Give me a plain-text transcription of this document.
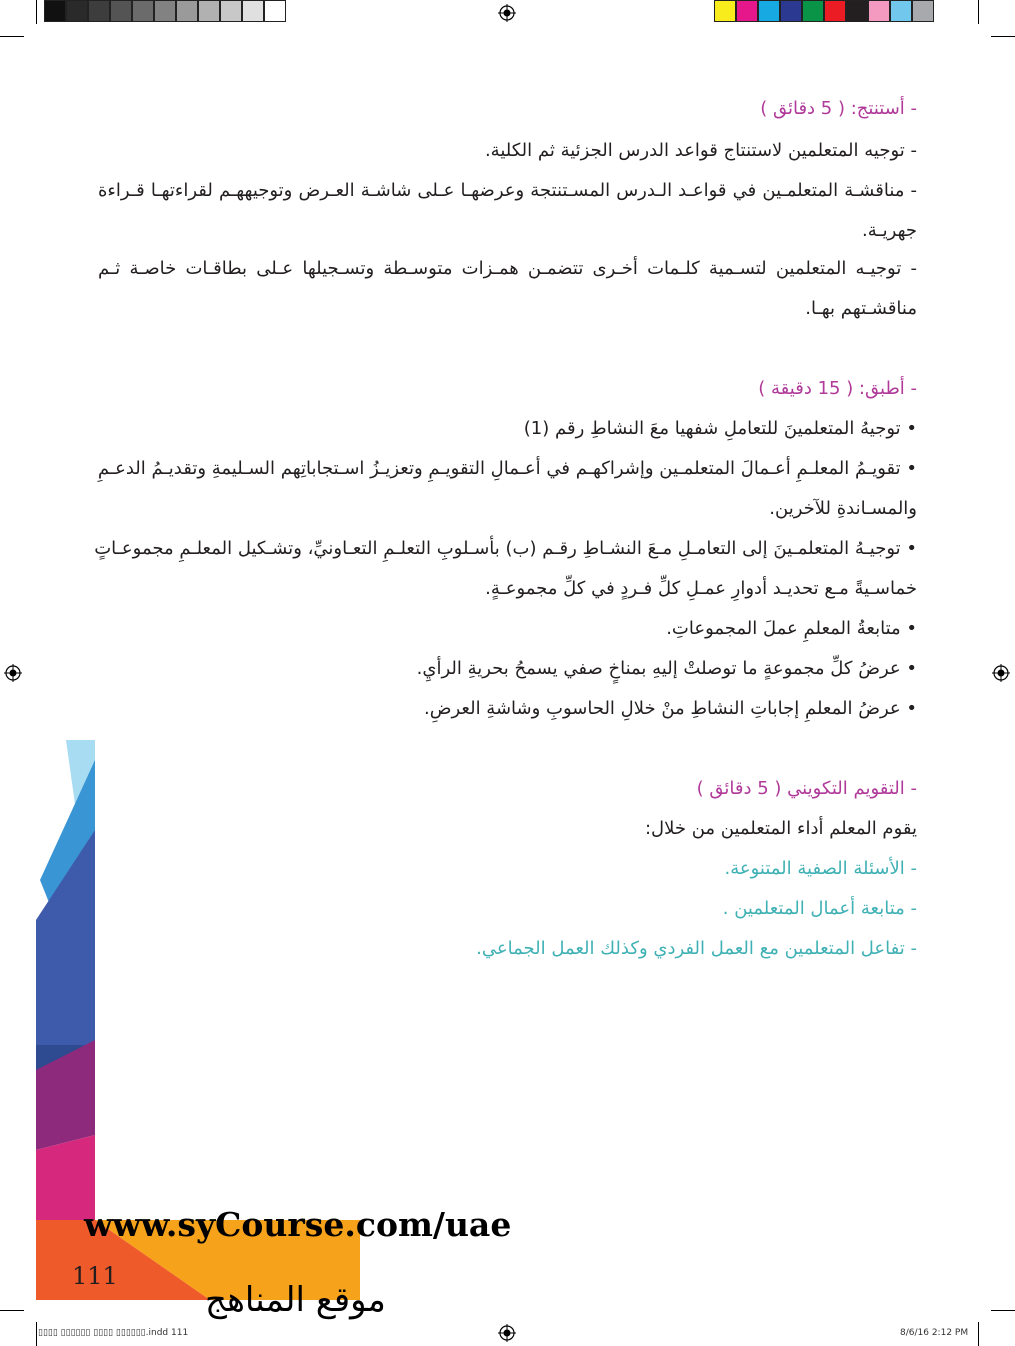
- أستنتج: ( 5 دقائق )
- توجيه المتعلمين لاستنتاج قواعد الدرس الجزئية ثم الكلية.
- مناقشـة المتعلمـين في قواعـد الـدرس المسـتنتجة وعرضهـا عـلى شاشـة العـرض وتوجيههـم لقراءتهـا قـراءة
جهريـة.
- توجيـه المتعلمين لتسـمية كلـمات أخـرى تتضمـن همـزات متوسـطة وتسـجيلها عـلى بطاقـات خاصـة ثـم
مناقشـتهم بهـا.
- أطبق: ( 15 دقيقة )
• توجيهُ المتعلمينَ للتعاملِ شفهيا معَ النشاطِ رقم (1)
• تقويـمُ المعلـمِ أعـمالَ المتعلمـين وإشراكهـم في أعـمالِ التقويـمِ وتعزيـزُ اسـتجاباتِهم السـليمةِ وتقديـمُ الدعـمِ
والمسـاندةِ للآخرين.
• توجيـهُ المتعلمـينَ إلى التعامـلِ مـعَ النشـاطِ رقـم (ب) بأسـلوبِ التعلـمِ التعـاونيِّ، وتشـكيل المعلـمِ مجموعـاتٍ
خماسـيةً مـع تحديـد أدوارِ عمـلِ كلِّ فـردٍ في كلِّ مجموعـةٍ.
• متابعةُ المعلمِ عملَ المجموعاتِ.
• عرضُ كلِّ مجموعةٍ ما توصلتْ إليهِ بمناخٍ صفي يسمحُ بحريةِ الرأيِ.
• عرضُ المعلمِ إجاباتِ النشاطِ منْ خلالِ الحاسوبِ وشاشةِ العرضِ.
- التقويم التكويني ( 5 دقائق )
يقوم المعلم أداء المتعلمين من خلال:
- الأسئلة الصفية المتنوعة.
- متابعة أعمال المتعلمين .
- تفاعل المتعلمين مع العمل الفردي وكذلك العمل الجماعي.
www.syCourse.com/uae
111
موقع المناهج
▯▯▯▯ ▯▯▯▯▯▯ ▯▯▯▯ ▯▯▯▯▯▯.indd 111	8/6/16 2:12 PM
